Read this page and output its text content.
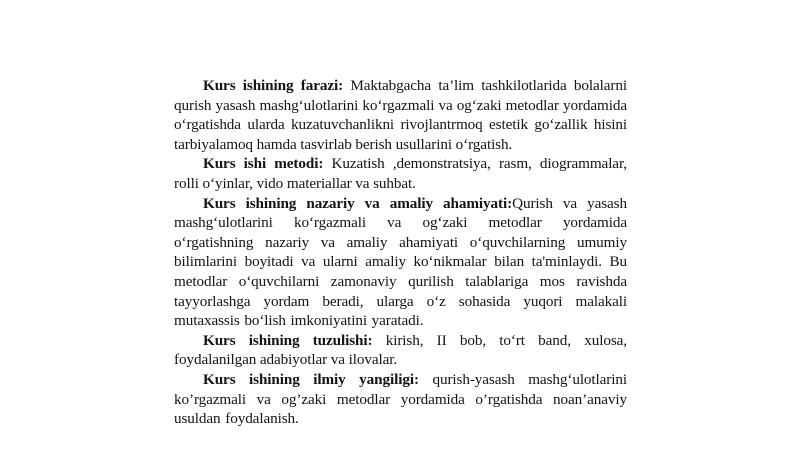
Kurs ishining farazi: Maktabgacha ta’lim tashkilotlarida bolalarni qurish yasash mashg‘ulotlarini ko‘rgazmali va og‘zaki metodlar yordamida o‘rgatishda ularda kuzatuvchanlikni rivojlantrmoq estetik go‘zallik hisini tarbiyalamoq hamda tasvirlab berish usullarini o‘rgatish.

Kurs ishi metodi: Kuzatish ,demonstratsiya, rasm, diogrammalar, rolli o‘yinlar, vido materiallar va suhbat.

Kurs ishining nazariy va amaliy ahamiyati:Qurish va yasash mashg‘ulotlarini ko‘rgazmali va og‘zaki metodlar yordamida o‘rgatishning nazariy va amaliy ahamiyati o‘quvchilarning umumiy bilimlarini boyitadi va ularni amaliy ko‘nikmalar bilan ta'minlaydi. Bu metodlar o‘quvchilarni zamonaviy qurilish talablariga mos ravishda tayyorlashga yordam beradi, ularga o‘z sohasida yuqori malakali mutaxassis bo‘lish imkoniyatini yaratadi.

Kurs ishining tuzulishi: kirish, II bob, to‘rt band, xulosa, foydalanilgan adabiyotlar va ilovalar.

Kurs ishining ilmiy yangiligi: qurish-yasash mashg‘ulotlarini ko’rgazmali va og’zaki metodlar yordamida o’rgatishda noan’anaviy usuldan foydalanish.
